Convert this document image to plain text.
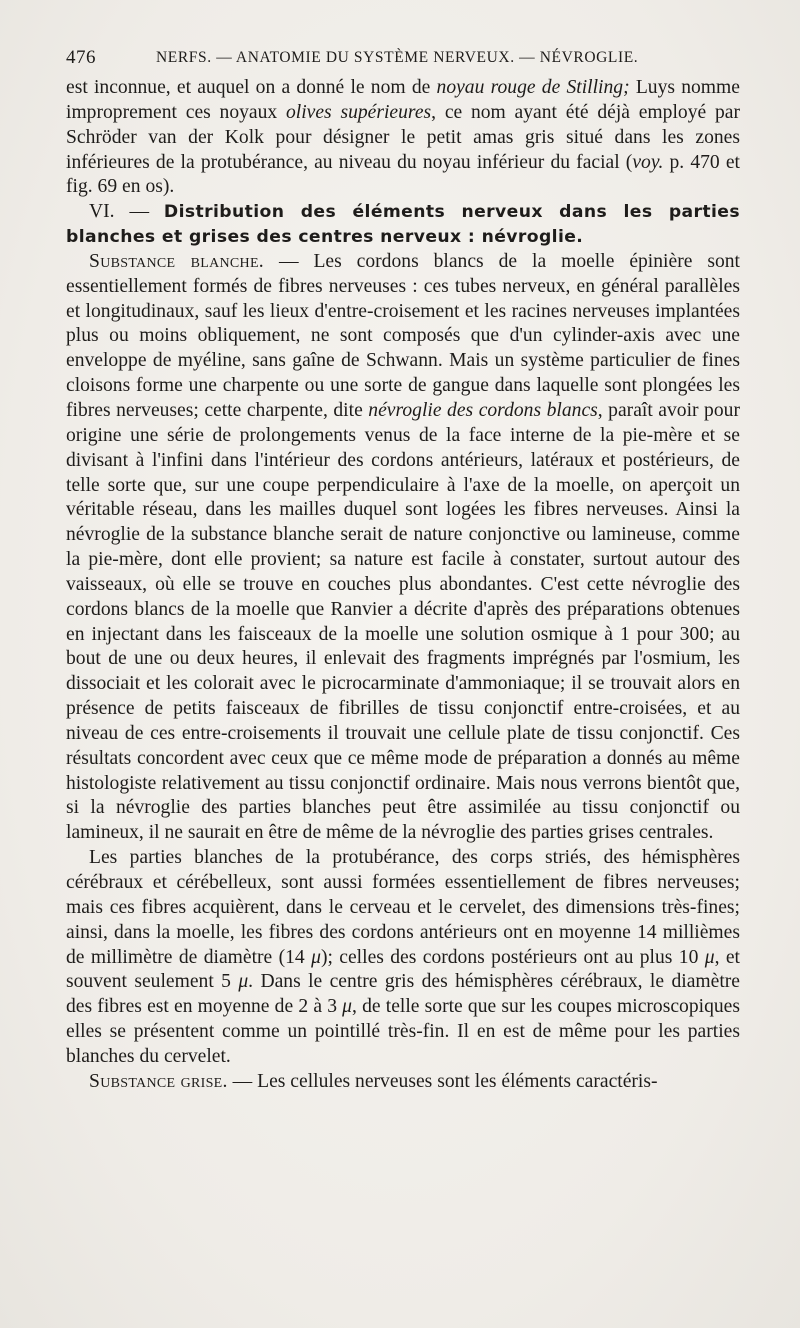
476	NERFS. — ANATOMIE DU SYSTÈME NERVEUX. — NÉVROGLIE.

est inconnue, et auquel on a donné le nom de noyau rouge de Stilling; Luys nomme improprement ces noyaux olives supérieures, ce nom ayant été déjà employé par Schröder van der Kolk pour désigner le petit amas gris situé dans les zones inférieures de la protubérance, au niveau du noyau inférieur du facial (voy. p. 470 et fig. 69 en os).

VI. — Distribution des éléments nerveux dans les parties blanches et grises des centres nerveux : névroglie.

Substance blanche. — Les cordons blancs de la moelle épinière sont essentiellement formés de fibres nerveuses : ces tubes nerveux, en général parallèles et longitudinaux, sauf les lieux d'entre-croisement et les racines nerveuses implantées plus ou moins obliquement, ne sont composés que d'un cylinder-axis avec une enveloppe de myéline, sans gaîne de Schwann. Mais un système particulier de fines cloisons forme une charpente ou une sorte de gangue dans laquelle sont plongées les fibres nerveuses; cette charpente, dite névroglie des cordons blancs, paraît avoir pour origine une série de prolongements venus de la face interne de la pie-mère et se divisant à l'infini dans l'intérieur des cordons antérieurs, latéraux et postérieurs, de telle sorte que, sur une coupe perpendiculaire à l'axe de la moelle, on aperçoit un véritable réseau, dans les mailles duquel sont logées les fibres nerveuses. Ainsi la névroglie de la substance blanche serait de nature conjonctive ou lamineuse, comme la pie-mère, dont elle provient; sa nature est facile à constater, surtout autour des vaisseaux, où elle se trouve en couches plus abondantes. C'est cette névroglie des cordons blancs de la moelle que Ranvier a décrite d'après des préparations obtenues en injectant dans les faisceaux de la moelle une solution osmique à 1 pour 300; au bout de une ou deux heures, il enlevait des fragments imprégnés par l'osmium, les dissociait et les colorait avec le picrocarminate d'ammoniaque; il se trouvait alors en présence de petits faisceaux de fibrilles de tissu conjonctif entre-croisées, et au niveau de ces entre-croisements il trouvait une cellule plate de tissu conjonctif. Ces résultats concordent avec ceux que ce même mode de préparation a donnés au même histologiste relativement au tissu conjonctif ordinaire. Mais nous verrons bientôt que, si la névroglie des parties blanches peut être assimilée au tissu conjonctif ou lamineux, il ne saurait en être de même de la névroglie des parties grises centrales.

Les parties blanches de la protubérance, des corps striés, des hémisphères cérébraux et cérébelleux, sont aussi formées essentiellement de fibres nerveuses; mais ces fibres acquièrent, dans le cerveau et le cervelet, des dimensions très-fines; ainsi, dans la moelle, les fibres des cordons antérieurs ont en moyenne 14 millièmes de millimètre de diamètre (14 μ); celles des cordons postérieurs ont au plus 10 μ, et souvent seulement 5 μ. Dans le centre gris des hémisphères cérébraux, le diamètre des fibres est en moyenne de 2 à 3 μ, de telle sorte que sur les coupes microscopiques elles se présentent comme un pointillé très-fin. Il en est de même pour les parties blanches du cervelet.

Substance grise. — Les cellules nerveuses sont les éléments caractéris-
